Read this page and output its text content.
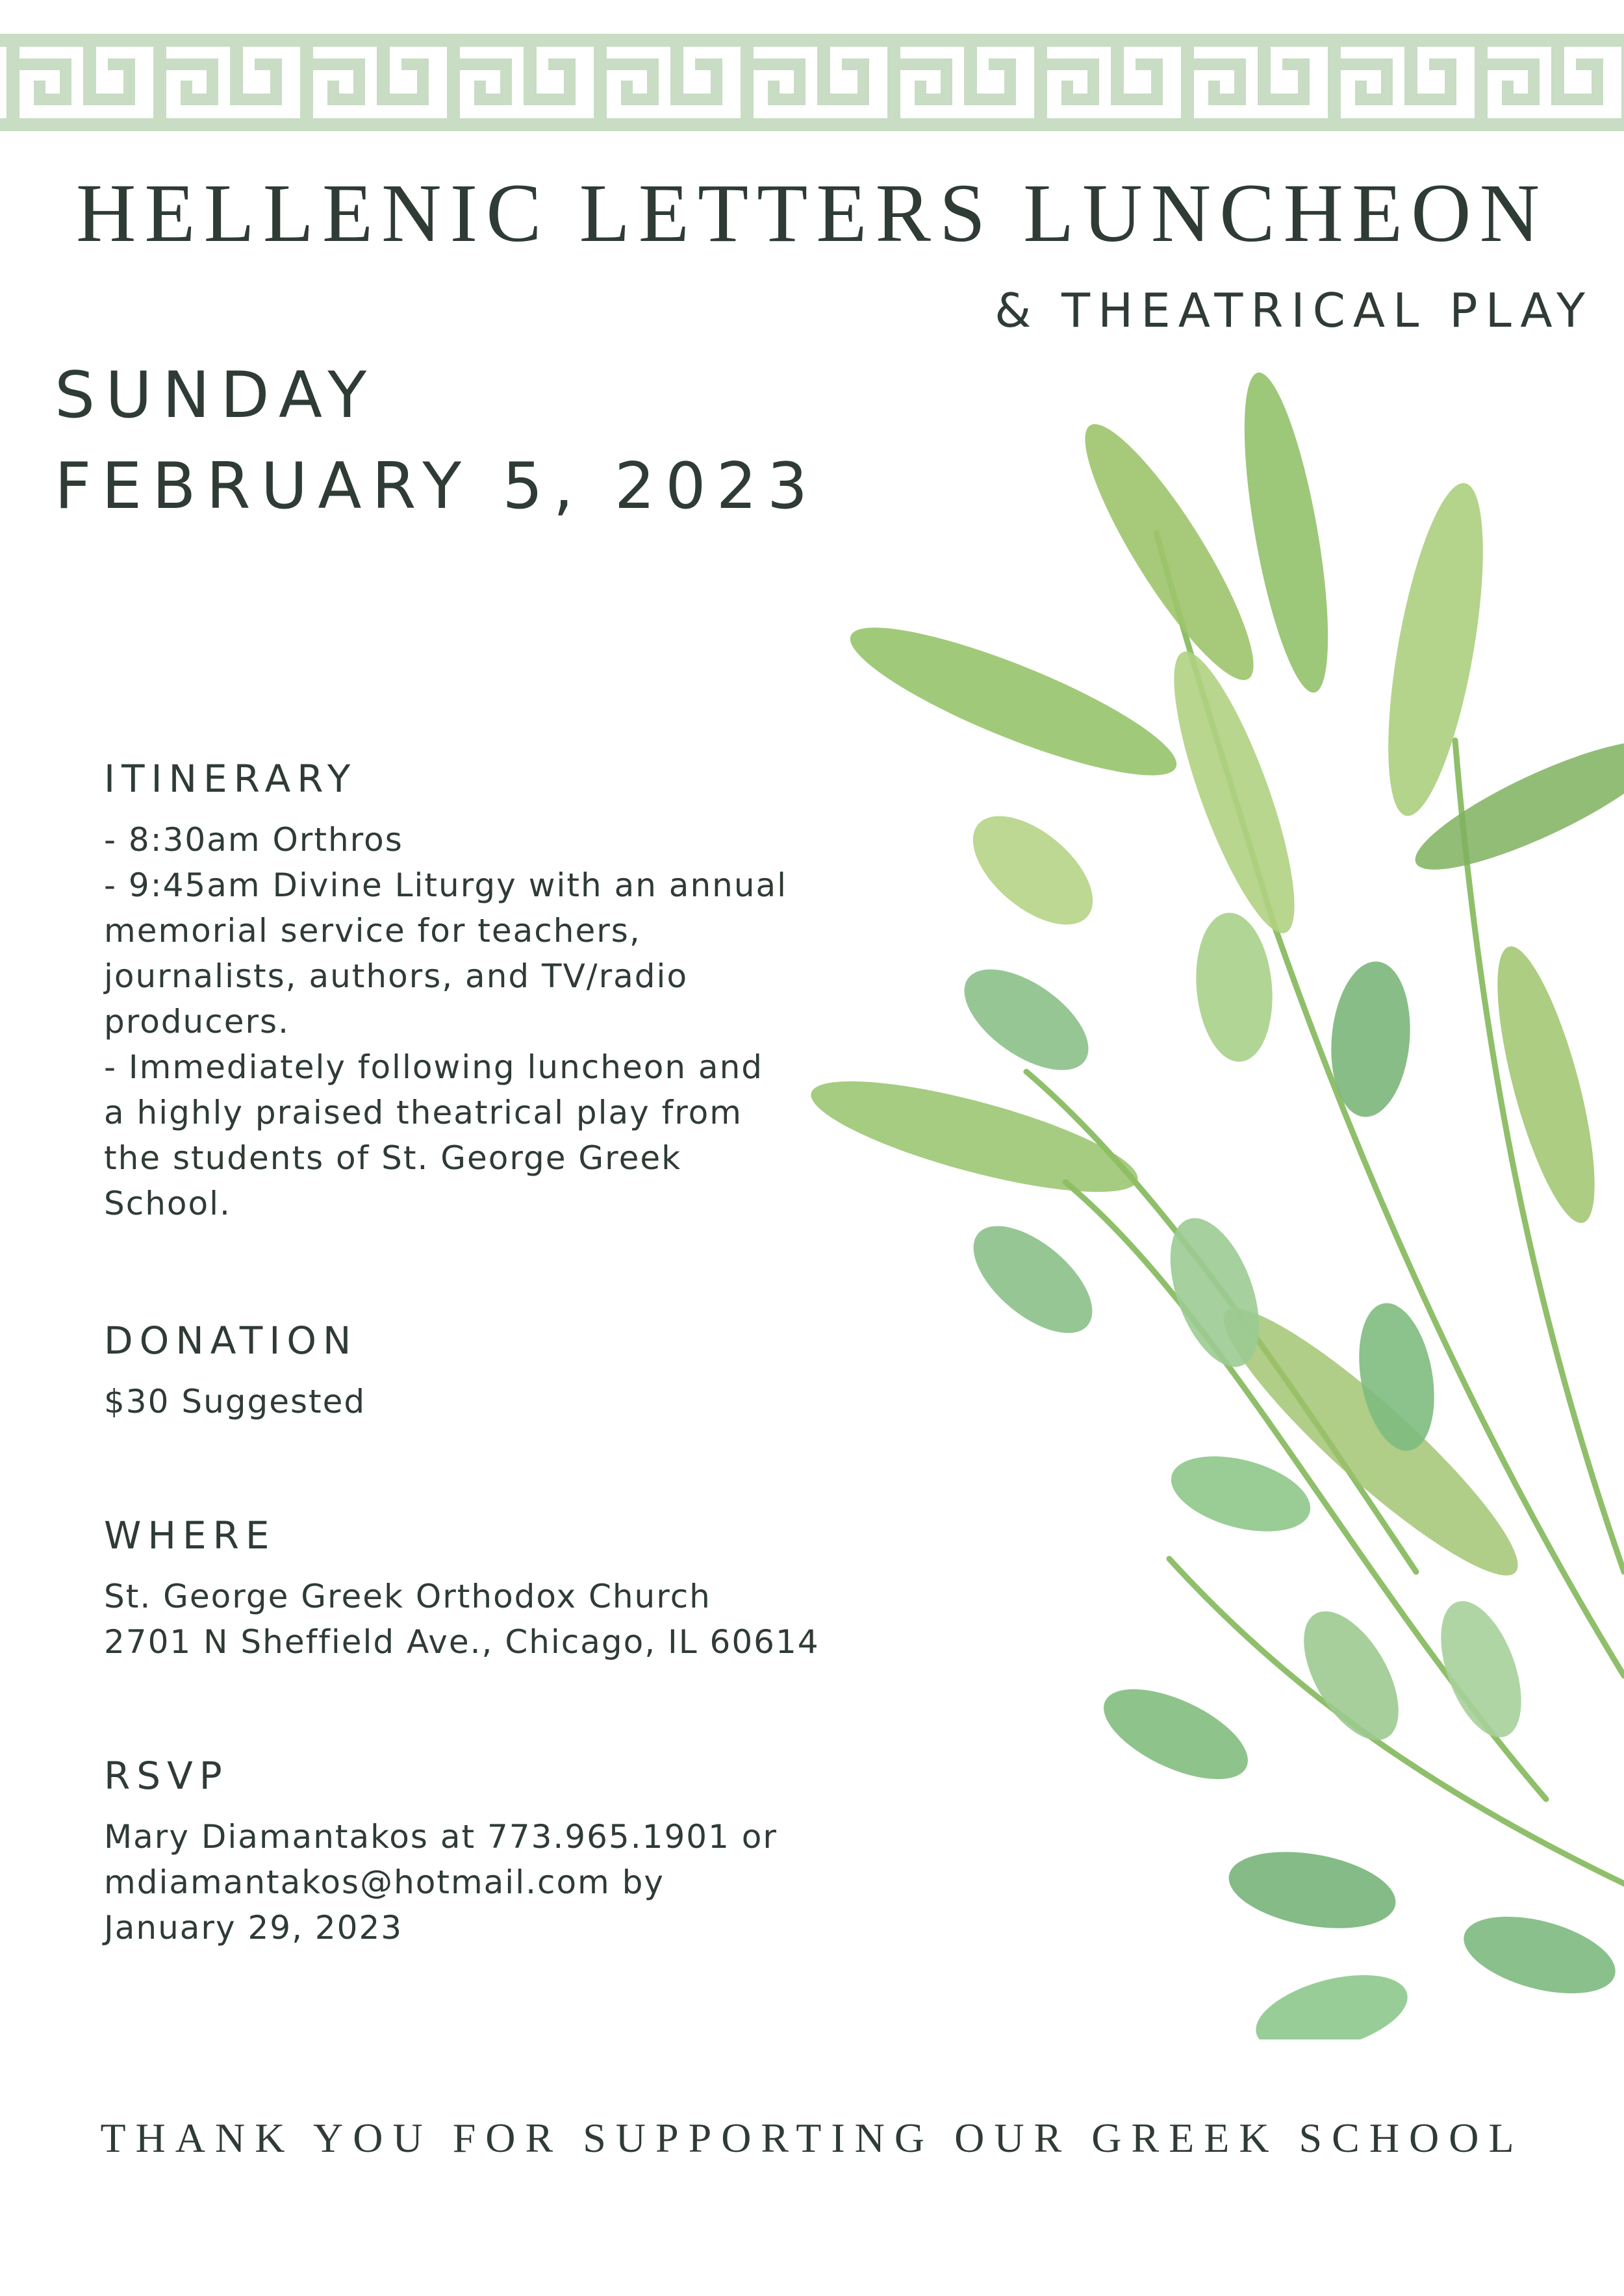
HELLENIC LETTERS LUNCHEON
& THEATRICAL PLAY
SUNDAY
FEBRUARY 5, 2023
ITINERARY
- 8:30am Orthros
- 9:45am Divine Liturgy with an annual
memorial service for teachers,
journalists, authors, and TV/radio
producers.
- Immediately following luncheon and
a highly praised theatrical play from
the students of St. George Greek
School.
DONATION
$30 Suggested
WHERE
St. George Greek Orthodox Church
2701 N Sheffield Ave., Chicago, IL 60614
RSVP
Mary Diamantakos at 773.965.1901 or
mdiamantakos@hotmail.com by
January 29, 2023
THANK YOU FOR SUPPORTING OUR GREEK SCHOOL
